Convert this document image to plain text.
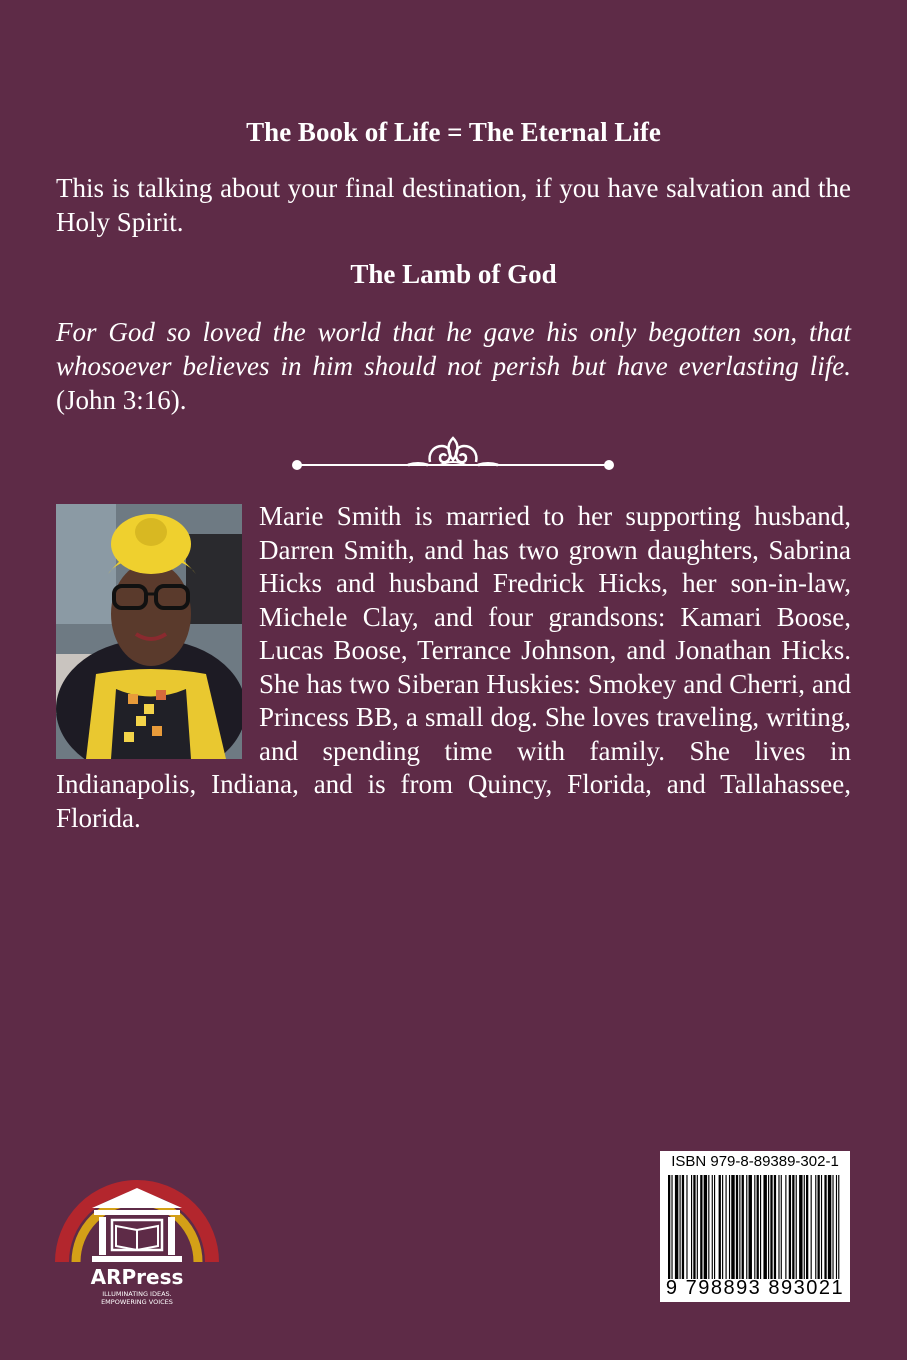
The Book of Life = The Eternal Life
This is talking about your final destination, if you have salvation and the Holy Spirit.
The Lamb of God
For God so loved the world that he gave his only begotten son, that whosoever believes in him should not perish but have everlasting life. (John 3:16).
Marie Smith is married to her supporting husband, Darren Smith, and has two grown daughters, Sabrina Hicks and husband Fredrick Hicks, her son-in-law, Michele Clay, and four grandsons: Kamari Boose, Lucas Boose, Terrance Johnson, and Jonathan Hicks. She has two Siberan Huskies: Smokey and Cherri, and Princess BB, a small dog. She loves traveling, writing, and spending time with family. She lives in Indianapolis, Indiana, and is from Quincy, Florida, and Tallahassee, Florida.
ARPress
ILLUMINATING IDEAS.
EMPOWERING VOICES
ISBN 979-8-89389-302-1
9 798893 893021
